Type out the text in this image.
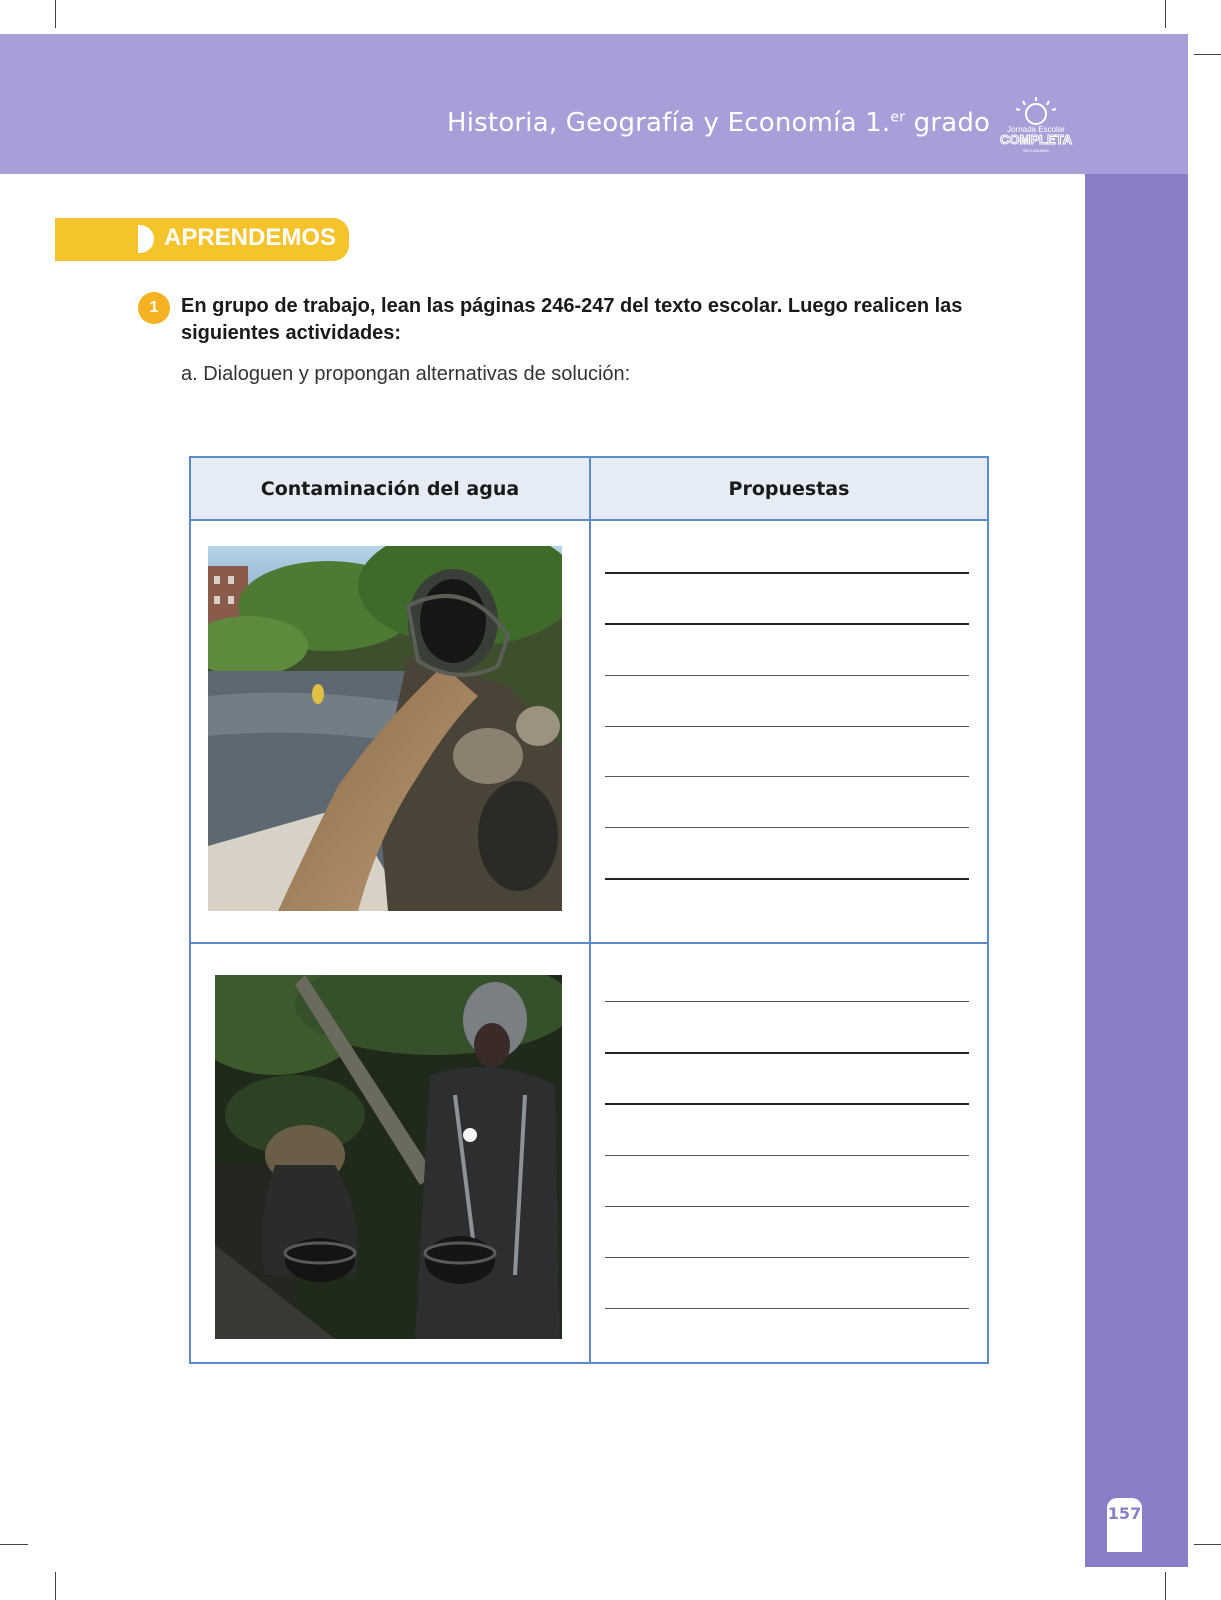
Historia, Geografía y Economía 1.$^{er}$ grado Jornada Escolar
COMPLETA
SECUNDARIA
157
APRENDEMOS
1	En grupo de trabajo, lean las páginas 246-247 del texto escolar. Luego realicen las siguientes actividades:
a. Dialoguen y propongan alternativas de solución:
Contaminación del agua	Propuestas
